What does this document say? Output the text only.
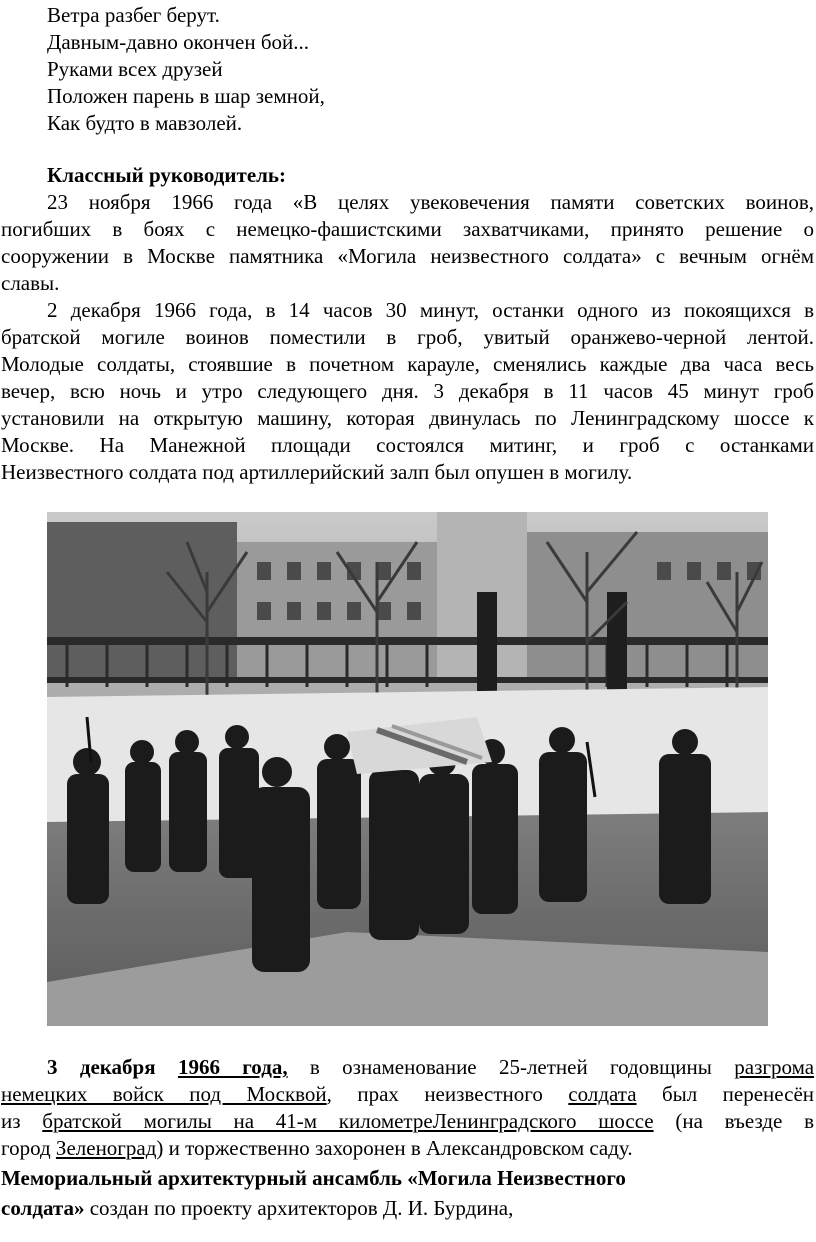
Ветра разбег берут.
Давным-давно окончен бой...
Руками всех друзей
Положен парень в шар земной,
Как будто в мавзолей.
Классный руководитель:
23 ноября 1966 года «В целях увековечения памяти советских воинов,
погибших в боях с немецко-фашистскими захватчиками, принято решение о
сооружении в Москве памятника «Могила неизвестного солдата» с вечным огнём
славы.
2 декабря 1966 года, в 14 часов 30 минут, останки одного из покоящихся в
братской могиле воинов поместили в гроб, увитый оранжево-черной лентой.
Молодые солдаты, стоявшие в почетном карауле, сменялись каждые два часа весь
вечер, всю ночь и утро следующего дня. 3 декабря в 11 часов 45 минут гроб
установили на открытую машину, которая двинулась по Ленинградскому шоссе к
Москве. На Манежной площади состоялся митинг, и гроб с останками
Неизвестного солдата под артиллерийский залп был опушен в могилу.
3 декабря 1966 года, в ознаменование 25-летней годовщины разгрома
немецких войск под Москвой, прах неизвестного солдата был перенесён
из братской могилы на 41-м километреЛенинградского шоссе (на въезде в
город Зеленоград) и торжественно захоронен в Александровском саду.
Мемориальный архитектурный ансамбль «Могила Неизвестного
солдата» создан по проекту архитекторов Д. И. Бурдина,
